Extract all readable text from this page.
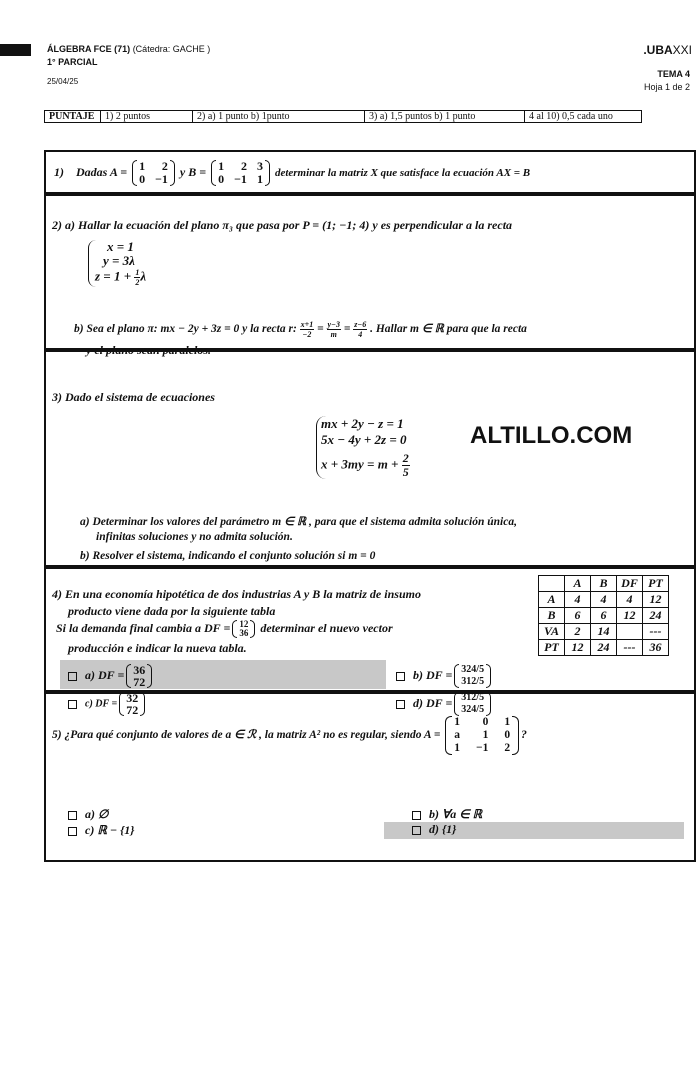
ÁLGEBRA FCE (71) (Cátedra: GACHE )
1° PARCIAL
25/04/25
.UBAXXI
TEMA 4
Hoja 1 de 2
PUNTAJE	1) 2 puntos	2) a) 1 punto b) 1punto	3) a) 1,5 puntos b) 1 punto	4 al 10) 0,5 cada uno
1) Dadas A = 1	2
0 −1
y B = 1	2 3
0 −1 1 determinar la matriz X que satisface la ecuación AX = B
2) a) Hallar la ecuación del plano π₃ que pasa por P = (1; −1; 4) y es perpendicular a la recta
x = 1
y = 3λ
$z = 1 + \frac{1}{2}$ λ
b) Sea el plano π: mx − 2y + 3z = 0 y la recta r: $\frac{x+1}{-2} = \frac{y-3}{m} = \frac{z-6}{4}$ . Hallar m ∈ ℝ para que la recta
y el plano sean paralelos.
3) Dado el sistema de ecuaciones
mx + 2y − z = 1
5x − 4y + 2z = 0
$x + 3my = m + \frac{2}{5}$
ALTILLO.COM
a) Determinar los valores del parámetro m ∈ ℝ , para que el sistema admita solución única,
infinitas soluciones y no admita solución.
b) Resolver el sistema, indicando el conjunto solución si m = 0
4) En una economía hipotética de dos industrias A y B la matriz de insumo
producto viene dada por la siguiente tabla
Si la demanda final cambia a DF = 12
36 determinar el nuevo vector
producción e indicar la nueva tabla.
	A	B	DF	PT
A	4	4	4	12
B	6	6	12	24
VA	2	14		---
PT	12	24	---	36
a) DF = 36
72
b) DF = 324/5
312/5
c) DF = 32
72
d) DF = 312/5
324/5
5) ¿Para qué conjunto de valores de a ∈ ℛ , la matriz A² no es regular, siendo A =
1	0 1
a	1 0
1 −1 2
?
a) ∅
c) ℝ − {1}
b) ∀a ∈ ℝ
d) {1}
